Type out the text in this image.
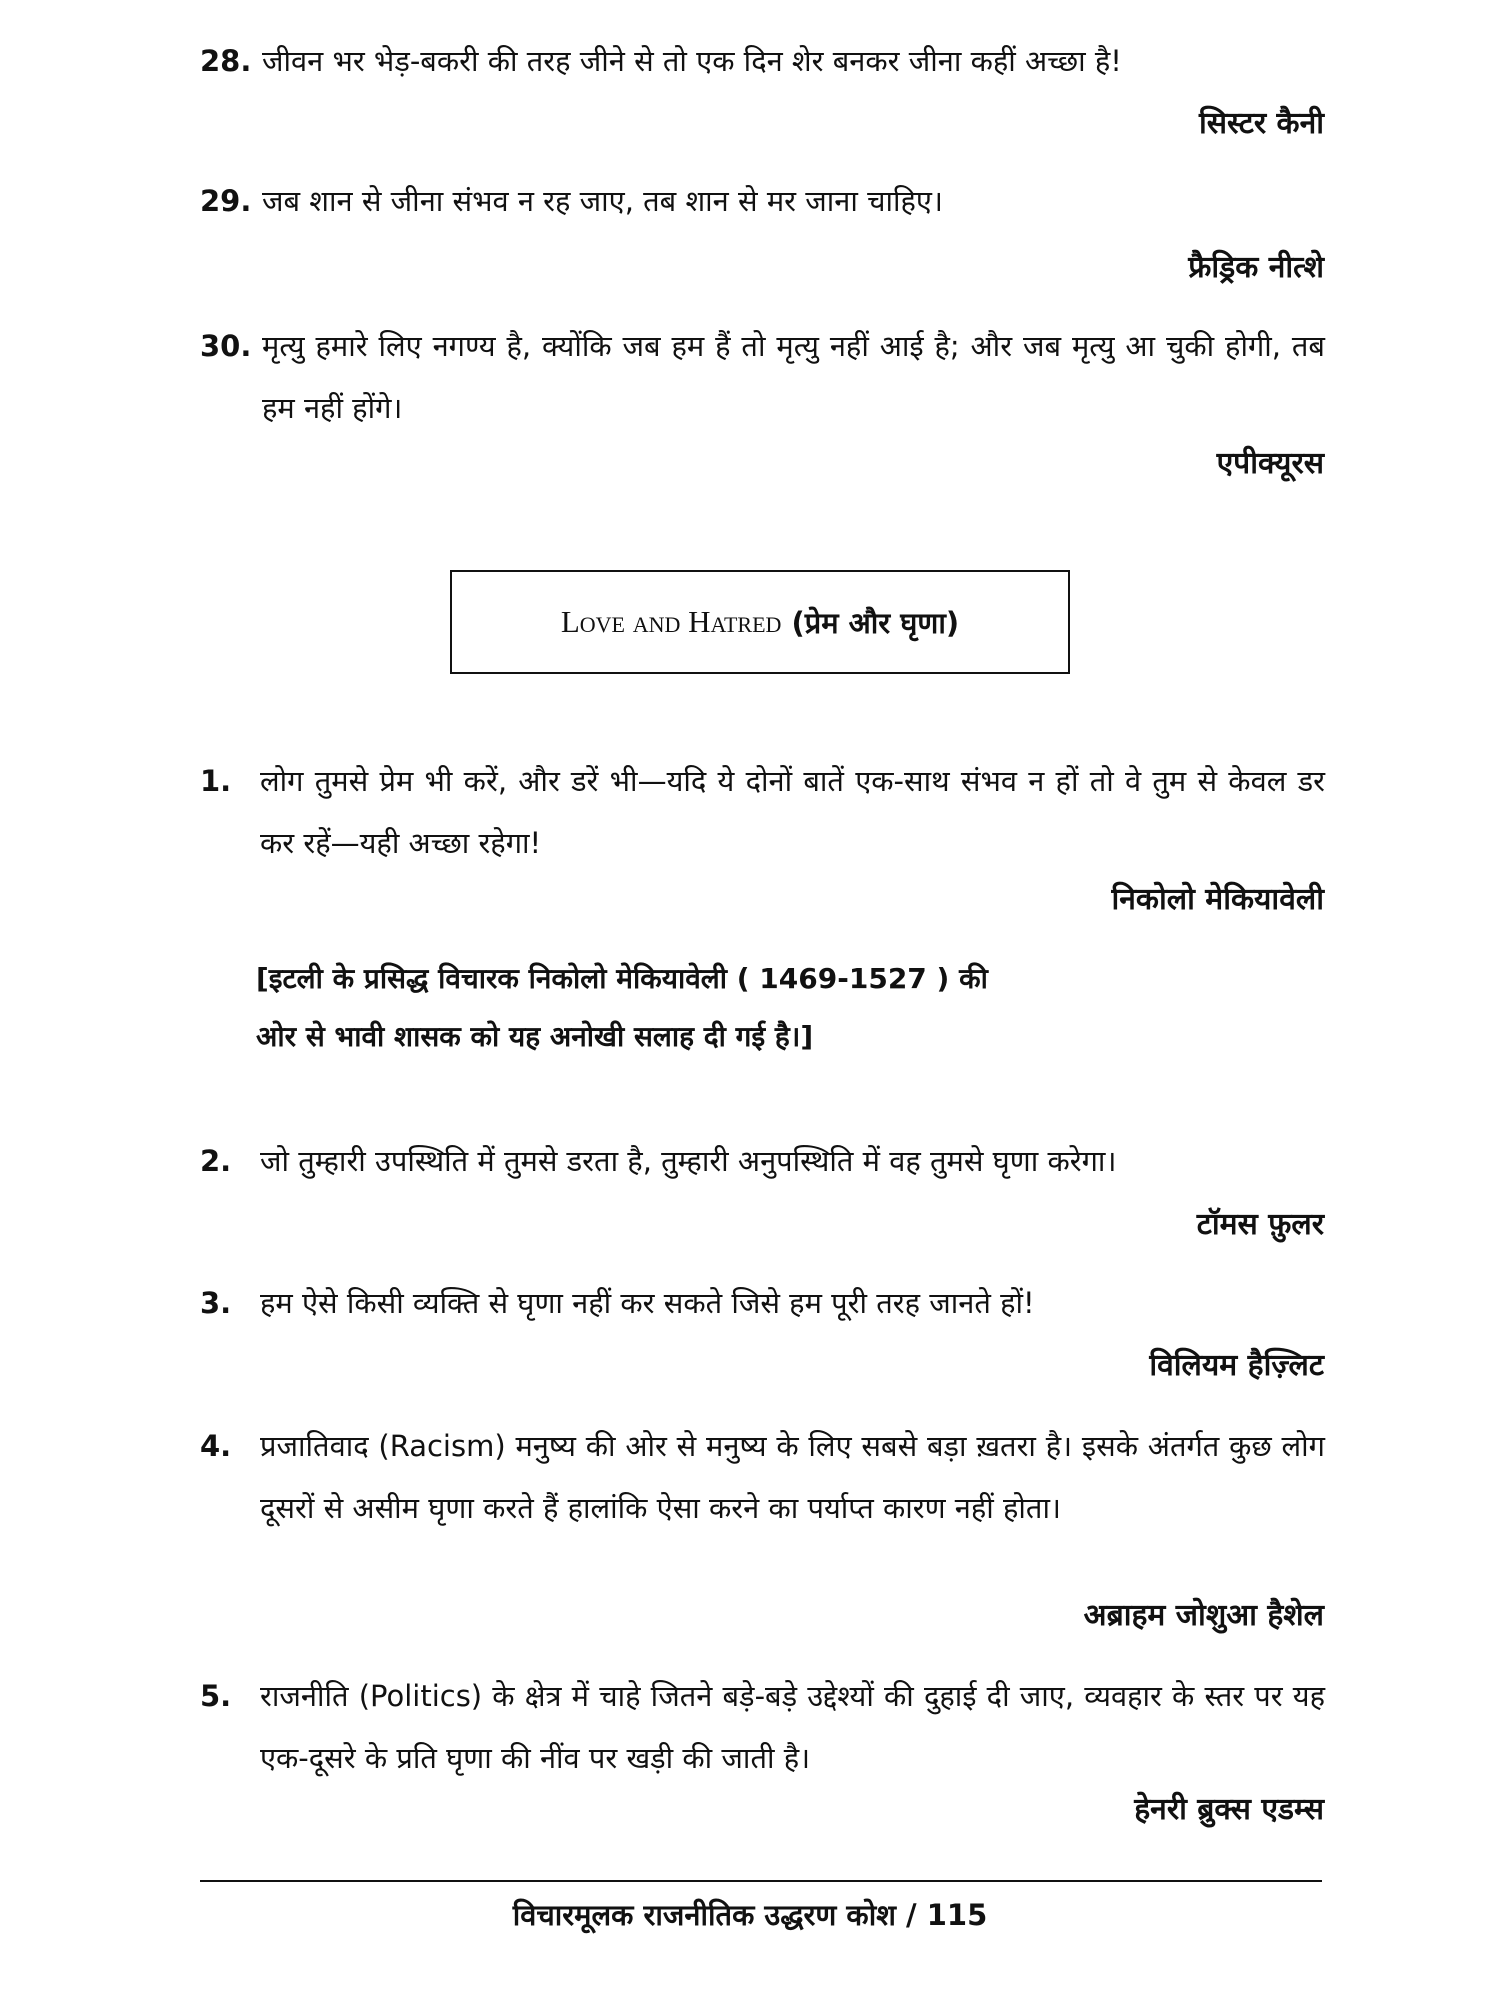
28. जीवन भर भेड़-बकरी की तरह जीने से तो एक दिन शेर बनकर जीना कहीं अच्छा है!
सिस्टर कैनी
29. जब शान से जीना संभव न रह जाए, तब शान से मर जाना चाहिए।
फ्रैड्रिक नीत्शे
30. मृत्यु हमारे लिए नगण्य है, क्योंकि जब हम हैं तो मृत्यु नहीं आई है; और जब मृत्यु आ चुकी होगी, तब हम नहीं होंगे।
एपीक्यूरस
Love and Hatred (प्रेम और घृणा)
1. लोग तुमसे प्रेम भी करें, और डरें भी—यदि ये दोनों बातें एक-साथ संभव न हों तो वे तुम से केवल डर कर रहें—यही अच्छा रहेगा!
निकोलो मेकियावेली
[इटली के प्रसिद्ध विचारक निकोलो मेकियावेली ( 1469-1527 ) की ओर से भावी शासक को यह अनोखी सलाह दी गई है।]
2. जो तुम्हारी उपस्थिति में तुमसे डरता है, तुम्हारी अनुपस्थिति में वह तुमसे घृणा करेगा।
टॉमस फ़ुलर
3. हम ऐसे किसी व्यक्ति से घृणा नहीं कर सकते जिसे हम पूरी तरह जानते हों!
विलियम हैज़्लिट
4. प्रजातिवाद (Racism) मनुष्य की ओर से मनुष्य के लिए सबसे बड़ा ख़तरा है। इसके अंतर्गत कुछ लोग दूसरों से असीम घृणा करते हैं हालांकि ऐसा करने का पर्याप्त कारण नहीं होता।
अब्राहम जोशुआ हैशेल
5. राजनीति (Politics) के क्षेत्र में चाहे जितने बड़े-बड़े उद्देश्यों की दुहाई दी जाए, व्यवहार के स्तर पर यह एक-दूसरे के प्रति घृणा की नींव पर खड़ी की जाती है।
हेनरी ब्रुक्स एडम्स
विचारमूलक राजनीतिक उद्धरण कोश / 115
